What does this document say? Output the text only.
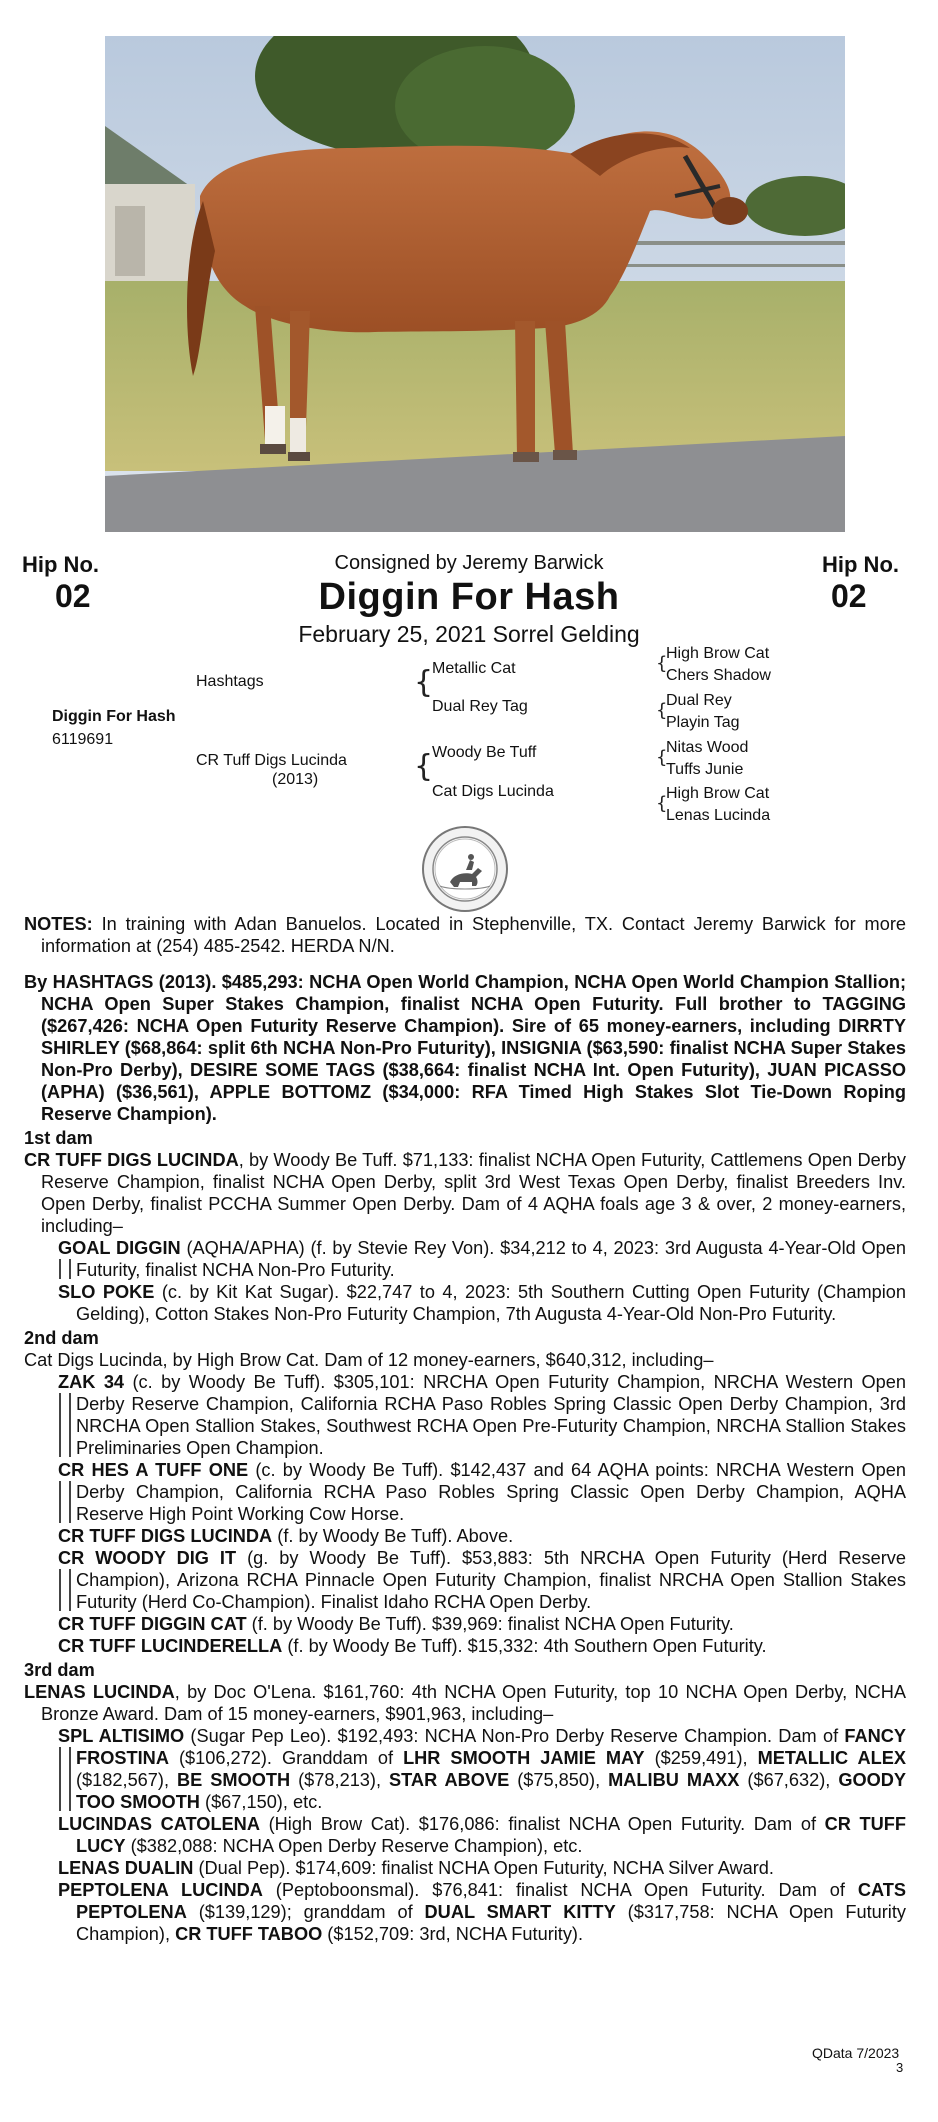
Hip No.
02
Hip No.
02
Consigned by Jeremy Barwick
Diggin For Hash
February 25, 2021 Sorrel Gelding
Diggin For Hash
6119691
Hashtags
CR Tuff Digs Lucinda
(2013)
{
Metallic Cat
Dual Rey Tag
{
Woody Be Tuff
Cat Digs Lucinda
{
High Brow Cat
Chers Shadow
{
Dual Rey
Playin Tag
{
Nitas Wood
Tuffs Junie
{
High Brow Cat
Lenas Lucinda

NOTES: In training with Adan Banuelos. Located in Stephenville, TX. Contact Jeremy Barwick for more information at (254) 485-2542. HERDA N/N.

By HASHTAGS (2013). $485,293: NCHA Open World Champion, NCHA Open World Champion Stallion; NCHA Open Super Stakes Champion, finalist NCHA Open Futurity. Full brother to TAGGING ($267,426: NCHA Open Futurity Reserve Champion). Sire of 65 money-earners, including DIRRTY SHIRLEY ($68,864: split 6th NCHA Non-Pro Futurity), INSIGNIA ($63,590: finalist NCHA Super Stakes Non-Pro Derby), DESIRE SOME TAGS ($38,664: finalist NCHA Int. Open Futurity), JUAN PICASSO (APHA) ($36,561), APPLE BOTTOMZ ($34,000: RFA Timed High Stakes Slot Tie-Down Roping Reserve Champion).

1st dam

CR TUFF DIGS LUCINDA, by Woody Be Tuff. $71,133: finalist NCHA Open Futurity, Cattlemens Open Derby Reserve Champion, finalist NCHA Open Derby, split 3rd West Texas Open Derby, finalist Breeders Inv. Open Derby, finalist PCCHA Summer Open Derby. Dam of 4 AQHA foals age 3 & over, 2 money-earners, including–

GOAL DIGGIN (AQHA/APHA) (f. by Stevie Rey Von). $34,212 to 4, 2023: 3rd Augusta 4-Year-Old Open Futurity, finalist NCHA Non-Pro Futurity.

SLO POKE (c. by Kit Kat Sugar). $22,747 to 4, 2023: 5th Southern Cutting Open Futurity (Champion Gelding), Cotton Stakes Non-Pro Futurity Champion, 7th Augusta 4-Year-Old Non-Pro Futurity.

2nd dam

Cat Digs Lucinda, by High Brow Cat. Dam of 12 money-earners, $640,312, including–

ZAK 34 (c. by Woody Be Tuff). $305,101: NRCHA Open Futurity Champion, NRCHA Western Open Derby Reserve Champion, California RCHA Paso Robles Spring Classic Open Derby Champion, 3rd NRCHA Open Stallion Stakes, Southwest RCHA Open Pre-Futurity Champion, NRCHA Stallion Stakes Preliminaries Open Champion.

CR HES A TUFF ONE (c. by Woody Be Tuff). $142,437 and 64 AQHA points: NRCHA Western Open Derby Champion, California RCHA Paso Robles Spring Classic Open Derby Champion, AQHA Reserve High Point Working Cow Horse.

CR TUFF DIGS LUCINDA (f. by Woody Be Tuff). Above.

CR WOODY DIG IT (g. by Woody Be Tuff). $53,883: 5th NRCHA Open Futurity (Herd Reserve Champion), Arizona RCHA Pinnacle Open Futurity Champion, finalist NRCHA Open Stallion Stakes Futurity (Herd Co-Champion). Finalist Idaho RCHA Open Derby.

CR TUFF DIGGIN CAT (f. by Woody Be Tuff). $39,969: finalist NCHA Open Futurity.

CR TUFF LUCINDERELLA (f. by Woody Be Tuff). $15,332: 4th Southern Open Futurity.

3rd dam

LENAS LUCINDA, by Doc O'Lena. $161,760: 4th NCHA Open Futurity, top 10 NCHA Open Derby, NCHA Bronze Award. Dam of 15 money-earners, $901,963, including–

SPL ALTISIMO (Sugar Pep Leo). $192,493: NCHA Non-Pro Derby Reserve Champion. Dam of FANCY FROSTINA ($106,272). Granddam of LHR SMOOTH JAMIE MAY ($259,491), METALLIC ALEX ($182,567), BE SMOOTH ($78,213), STAR ABOVE ($75,850), MALIBU MAXX ($67,632), GOODY TOO SMOOTH ($67,150), etc.

LUCINDAS CATOLENA (High Brow Cat). $176,086: finalist NCHA Open Futurity. Dam of CR TUFF LUCY ($382,088: NCHA Open Derby Reserve Champion), etc.

LENAS DUALIN (Dual Pep). $174,609: finalist NCHA Open Futurity, NCHA Silver Award.

PEPTOLENA LUCINDA (Peptoboonsmal). $76,841: finalist NCHA Open Futurity. Dam of CATS PEPTOLENA ($139,129); granddam of DUAL SMART KITTY ($317,758: NCHA Open Futurity Champion), CR TUFF TABOO ($152,709: 3rd, NCHA Futurity).

QData 7/2023
3
